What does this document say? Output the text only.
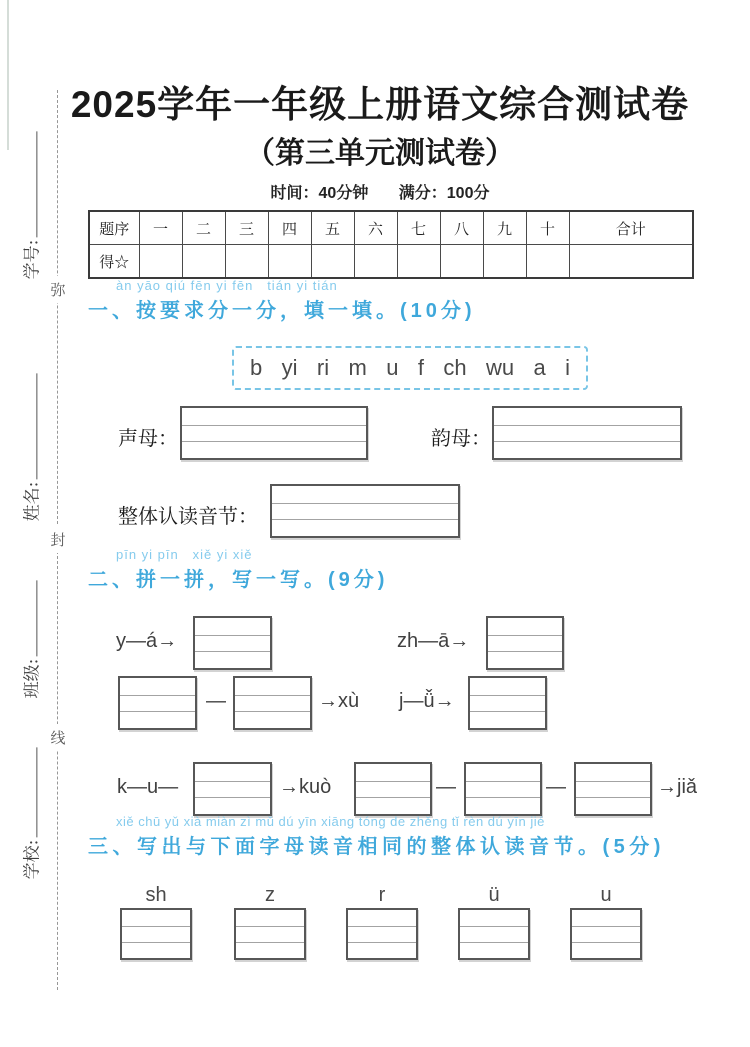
学号:
姓名:
班级:
学校:
弥
封
线
2025学年一年级上册语文综合测试卷
（第三单元测试卷）
时间：40分钟 满分：100分
题序	一	二	三	四	五	六	七	八	九	十	合计
得☆											
àn yāo qiú fēn yi fēn   tián yi tián
一、按要求分一分，填一填。(10分)
b yi ri m u f ch wu a i
声母：	韵母：
整体认读音节：
pīn yi pīn   xiě yi xiě
二、拼一拼，写一写。(9分)
y—á→	zh—ā→
—	→xù j—ǚ→
k—u—	→kuò	—	—	→jiǎ
xiě chū yǔ xià miàn zì mǔ dú yīn xiāng tóng de zhěng tǐ rèn dú yīn jié
三、写出与下面字母读音相同的整体认读音节。(5分)
sh	z	r	ü	u
